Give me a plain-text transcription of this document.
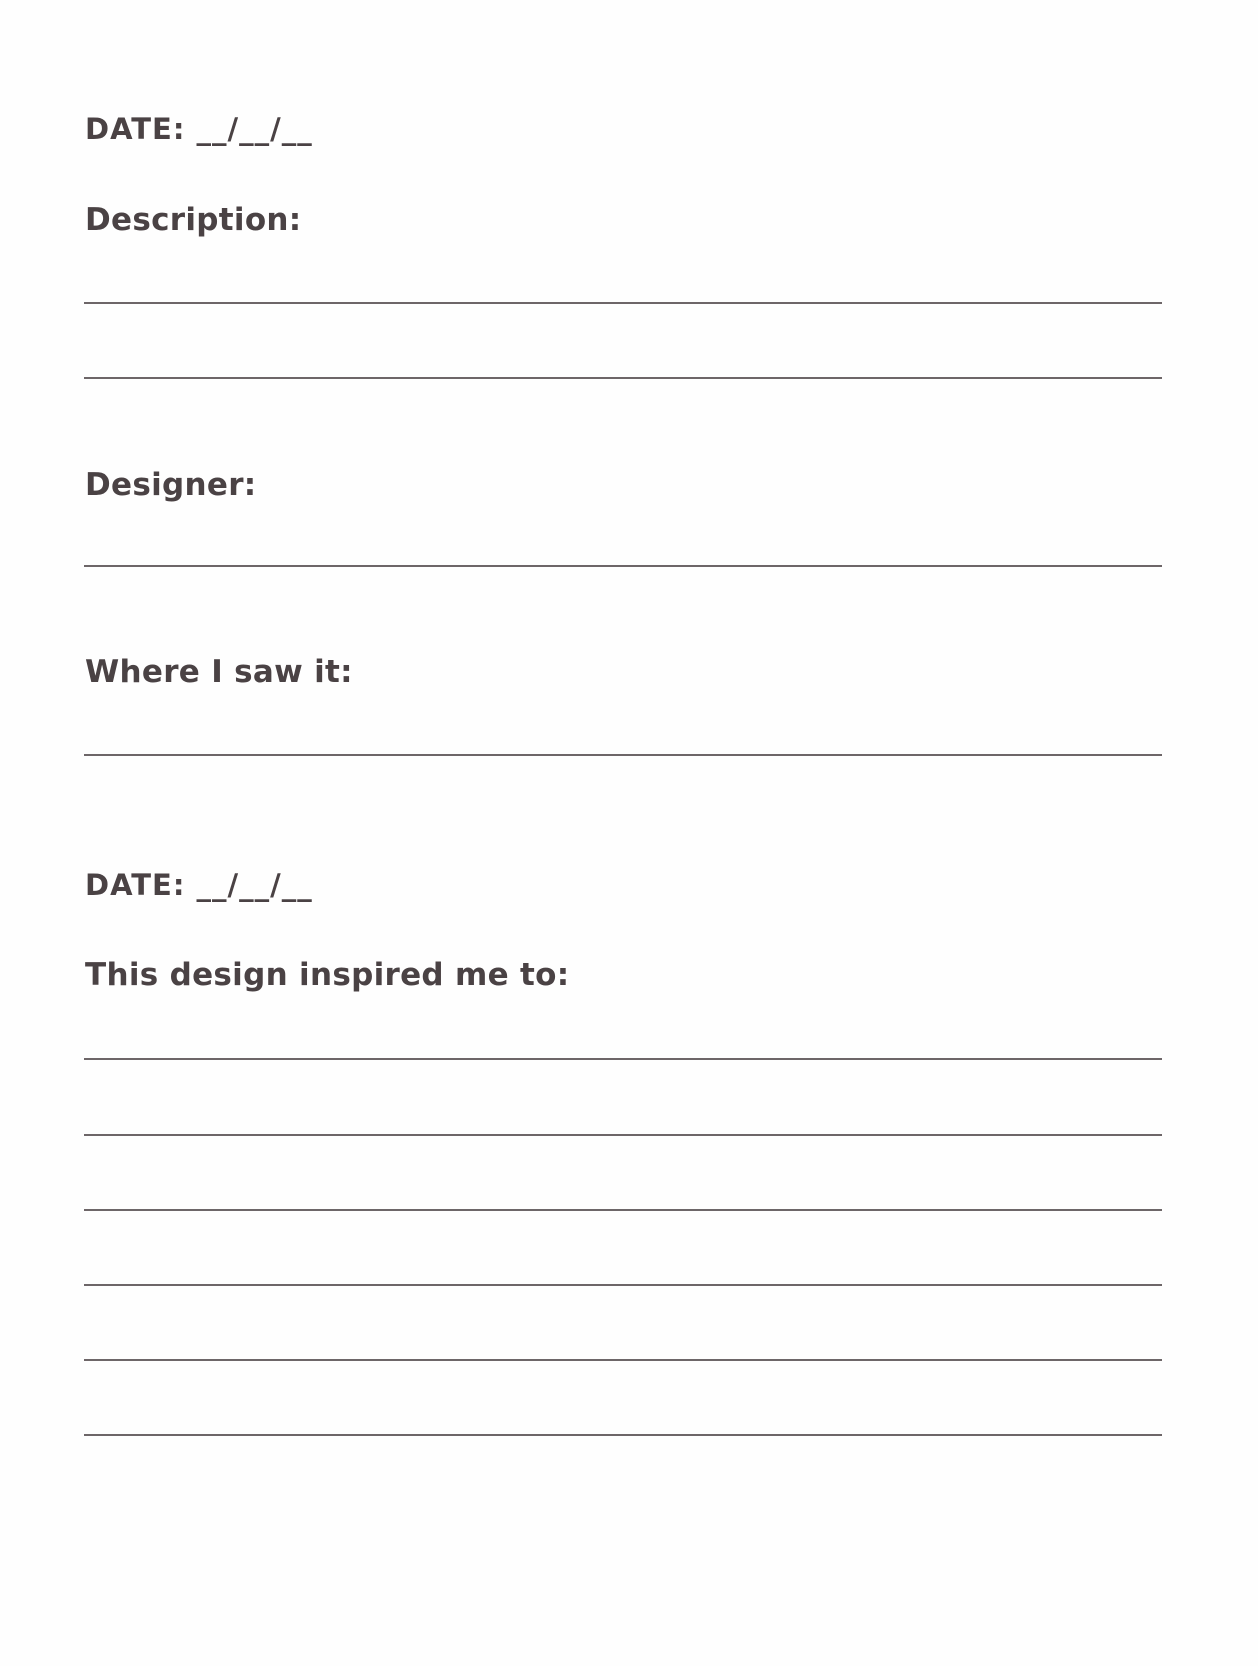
DATE: __/__/__
Description:
Designer:
Where I saw it:
DATE: __/__/__
This design inspired me to:
